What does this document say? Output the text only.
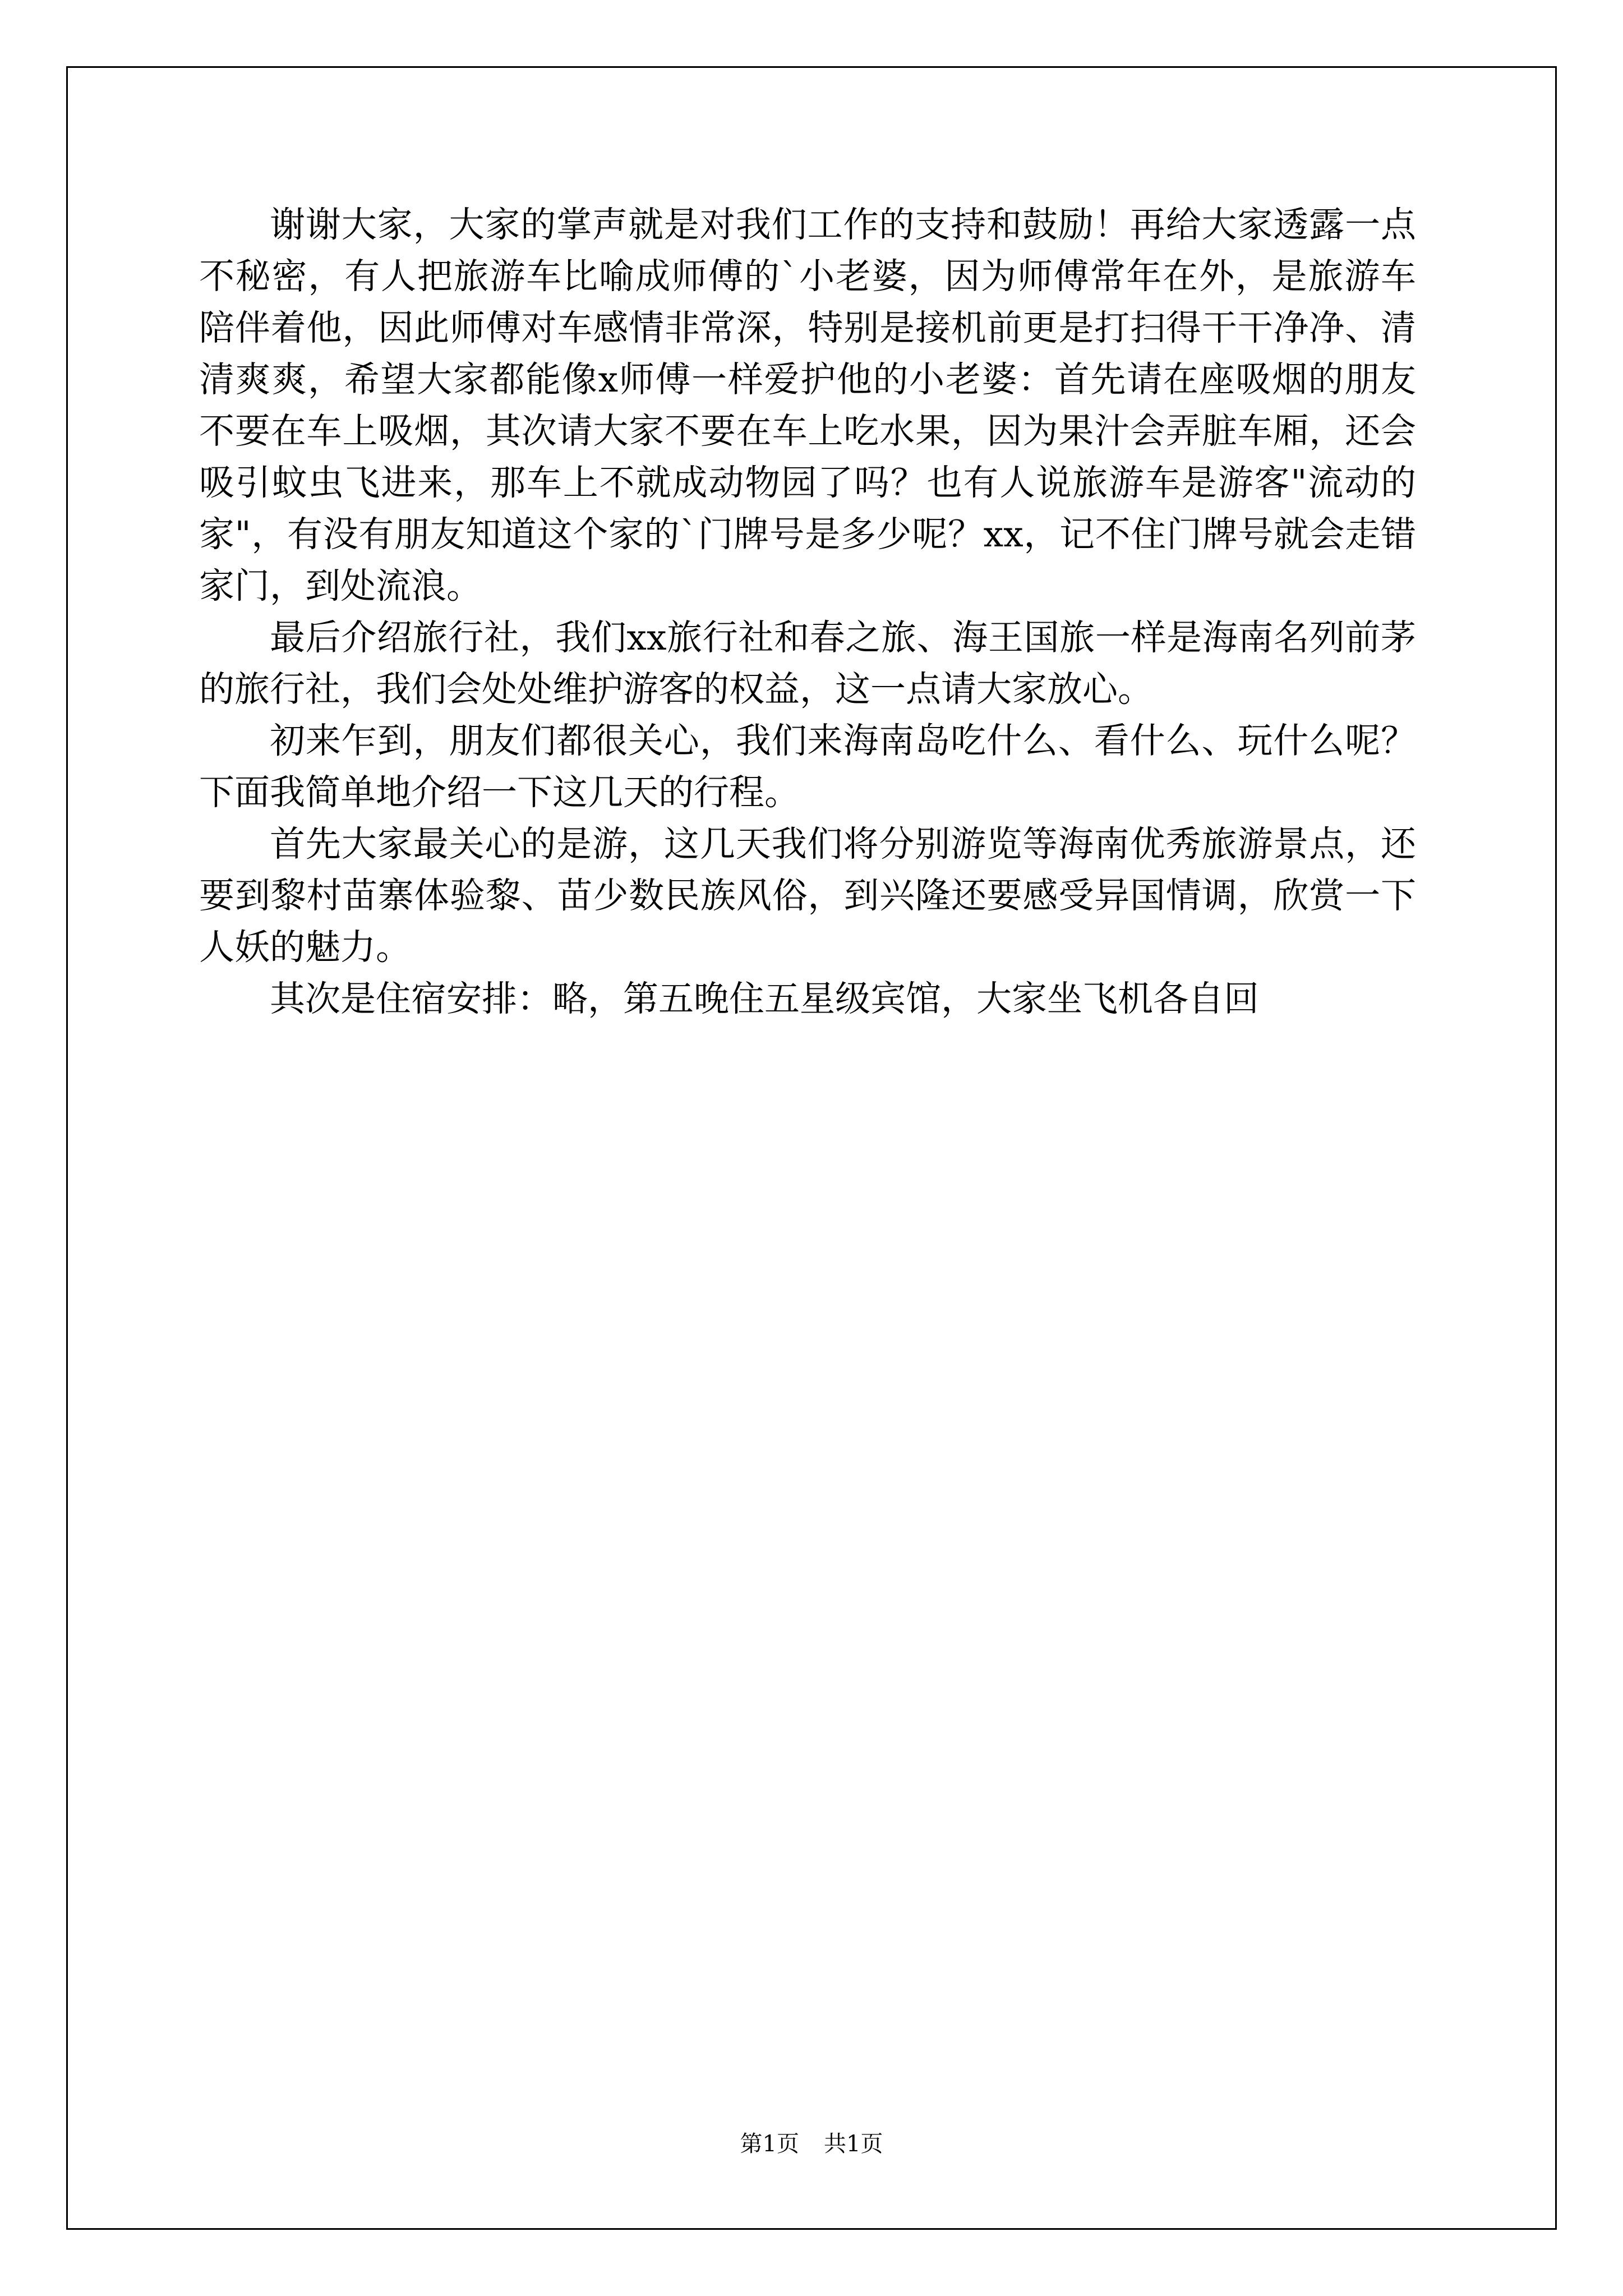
谢谢大家，大家的掌声就是对我们工作的支持和鼓励！再给大家透露一点不秘密，有人把旅游车比喻成师傅的`小老婆，因为师傅常年在外，是旅游车陪伴着他，因此师傅对车感情非常深，特别是接机前更是打扫得干干净净、清清爽爽，希望大家都能像x师傅一样爱护他的小老婆：首先请在座吸烟的朋友不要在车上吸烟，其次请大家不要在车上吃水果，因为果汁会弄脏车厢，还会吸引蚊虫飞进来，那车上不就成动物园了吗？也有人说旅游车是游客"流动的家"，有没有朋友知道这个家的`门牌号是多少呢？xx，记不住门牌号就会走错家门，到处流浪。

最后介绍旅行社，我们xx旅行社和春之旅、海王国旅一样是海南名列前茅的旅行社，我们会处处维护游客的权益，这一点请大家放心。

初来乍到，朋友们都很关心，我们来海南岛吃什么、看什么、玩什么呢？下面我简单地介绍一下这几天的行程。

首先大家最关心的是游，这几天我们将分别游览等海南优秀旅游景点，还要到黎村苗寨体验黎、苗少数民族风俗，到兴隆还要感受异国情调，欣赏一下人妖的魅力。

其次是住宿安排：略，第五晚住五星级宾馆，大家坐飞机各自回

第1页 共1页
